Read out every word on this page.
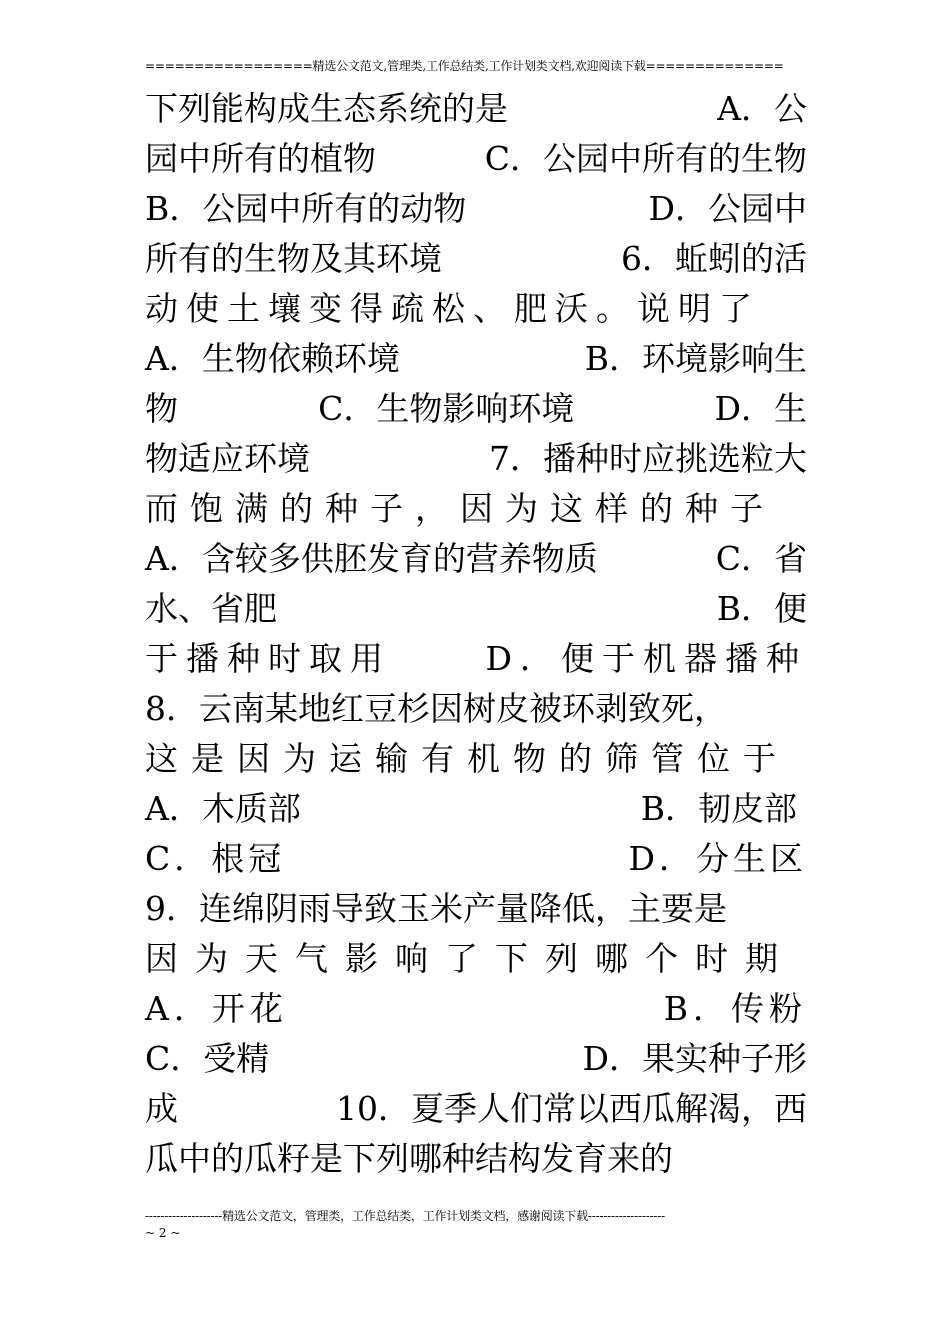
=================精选公文范文,管理类,工作总结类,工作计划类文档,欢迎阅读下载==============
下列能构成生态系统的是	A．公
园中所有的植物	C．公园中所有的生物
B．公园中所有的动物	D．公园中
所有的生物及其环境	6．蚯蚓的活
动使土壤变得疏松、肥沃。说明了
A．生物依赖环境	B．环境影响生
物	C．生物影响环境	D．生
物适应环境	7．播种时应挑选粒大
而饱满的种子，因为这样的种子
A．含较多供胚发育的营养物质	C．省
水、省肥	B．便
于播种时取用	D．便于机器播种
8．云南某地红豆杉因树皮被环剥致死，
这是因为运输有机物的筛管位于
A．木质部	B．韧皮部
C．根冠	D．分生区
9．连绵阴雨导致玉米产量降低，主要是
因为天气影响了下列哪个时期
A．开花	B．传粉
C．受精	D．果实种子形
成	10．夏季人们常以西瓜解渴，西
瓜中的瓜籽是下列哪种结构发育来的
--------------------精选公文范文，管理类，工作总结类，工作计划类文档，感谢阅读下载--------------------
~ 2 ~
